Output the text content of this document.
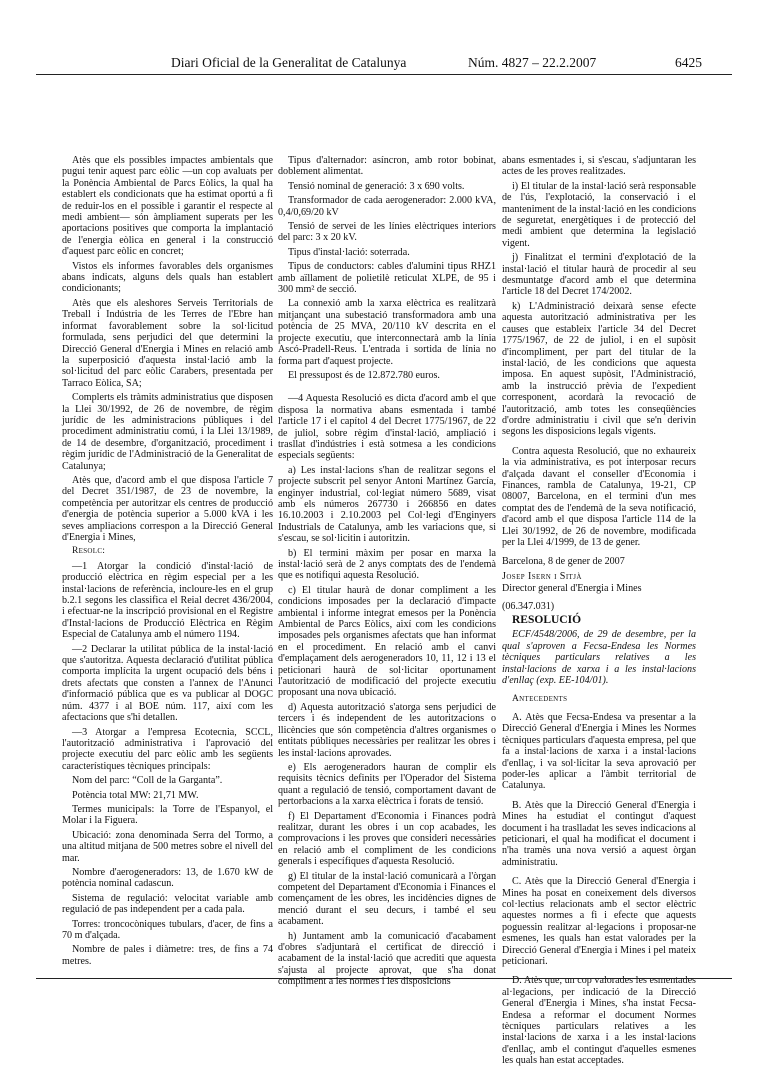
Diari Oficial de la Generalitat de Catalunya	Núm. 4827 – 22.2.2007	6425

Atès que els possibles impactes ambientals que pugui tenir aquest parc eòlic —un cop avaluats per la Ponència Ambiental de Parcs Eòlics, la qual ha establert els condicionats que ha estimat oportú a fi de reduir-los en el possible i garantir el respecte al medi ambient— són àmpliament superats per les aportacions positives que comporta la implantació de l'energia eòlica en general i la construcció d'aquest parc eòlic en concret;

Vistos els informes favorables dels organismes abans indicats, alguns dels quals han establert condicionants;

Atès que els aleshores Serveis Territorials de Treball i Indústria de les Terres de l'Ebre han informat favorablement sobre la sol·licitud formulada, sens perjudici del que determini la Direcció General d'Energia i Mines en relació amb la superposició d'aquesta instal·lació amb la sol·licitud del parc eòlic Carabers, presentada per Tarraco Eòlica, SA;

Complerts els tràmits administratius que disposen la Llei 30/1992, de 26 de novembre, de règim jurídic de les administracions públiques i del procediment administratiu comú, i la Llei 13/1989, de 14 de desembre, d'organització, procediment i règim jurídic de l'Administració de la Generalitat de Catalunya;

Atès que, d'acord amb el que disposa l'article 7 del Decret 351/1987, de 23 de novembre, la competència per autoritzar els centres de producció d'energia de potència superior a 5.000 kVA i les seves ampliacions correspon a la Direcció General d'Energia i Mines,

Resolc:

—1 Atorgar la condició d'instal·lació de producció elèctrica en règim especial per a les instal·lacions de referència, incloure-les en el grup b.2.1 segons les classifica el Reial decret 436/2004, i efectuar-ne la inscripció provisional en el Registre d'Instal·lacions de Producció Elèctrica en Règim Especial de Catalunya amb el número 1194.

—2 Declarar la utilitat pública de la instal·lació que s'autoritza. Aquesta declaració d'utilitat pública comporta implícita la urgent ocupació dels béns i drets afectats que consten a l'annex de l'Anunci d'informació pública que es va publicar al DOGC núm. 4377 i al BOE núm. 117, així com les afectacions que s'hi detallen.

—3 Atorgar a l'empresa Ecotecnia, SCCL, l'autorització administrativa i l'aprovació del projecte executiu del parc eòlic amb les següents característiques tècniques principals:

Nom del parc: “Coll de la Garganta”.

Potència total MW: 21,71 MW.

Termes municipals: la Torre de l'Espanyol, el Molar i la Figuera.

Ubicació: zona denominada Serra del Tormo, a una altitud mitjana de 500 metres sobre el nivell del mar.

Nombre d'aerogeneradors: 13, de 1.670 kW de potència nominal cadascun.

Sistema de regulació: velocitat variable amb regulació de pas independent per a cada pala.

Torres: troncocòniques tubulars, d'acer, de fins a 70 m d'alçada.

Nombre de pales i diàmetre: tres, de fins a 74 metres.

Tipus d'alternador: asíncron, amb rotor bobinat, doblement alimentat.

Tensió nominal de generació: 3 x 690 volts.

Transformador de cada aerogenerador: 2.000 kVA, 0,4/0,69/20 kV

Tensió de servei de les línies elèctriques interiors del parc: 3 x 20 kV.

Tipus d'instal·lació: soterrada.

Tipus de conductors: cables d'alumini tipus RHZ1 amb aïllament de polietilè reticulat XLPE, de 95 i 300 mm² de secció.

La connexió amb la xarxa elèctrica es realitzarà mitjançant una subestació transformadora amb una potència de 25 MVA, 20/110 kV descrita en el projecte executiu, que interconnectarà amb la línia Ascó-Pradell-Reus. L'entrada i sortida de línia no forma part d'aquest projecte.

El pressupost és de 12.872.780 euros.

—4 Aquesta Resolució es dicta d'acord amb el que disposa la normativa abans esmentada i també l'article 17 i el capítol 4 del Decret 1775/1967, de 22 de juliol, sobre règim d'instal·lació, ampliació i trasllat d'indústries i està sotmesa a les condicions especials següents:

a) Les instal·lacions s'han de realitzar segons el projecte subscrit pel senyor Antoni Martínez García, enginyer industrial, col·legiat número 5689, visat amb els números 267730 i 266856 en dates 16.10.2003 i 2.10.2003 pel Col·legi d'Enginyers Industrials de Catalunya, amb les variacions que, si s'escau, se sol·licitin i autoritzin.

b) El termini màxim per posar en marxa la instal·lació serà de 2 anys comptats des de l'endemà que es notifiqui aquesta Resolució.

c) El titular haurà de donar compliment a les condicions imposades per la declaració d'impacte ambiental i informe integrat emesos per la Ponència Ambiental de Parcs Eòlics, així com les condicions imposades pels organismes afectats que han informat en el procediment. En relació amb el canvi d'emplaçament dels aerogeneradors 10, 11, 12 i 13 el peticionari haurà de sol·licitar oportunament l'autorització de modificació del projecte executiu proposant una nova ubicació.

d) Aquesta autorització s'atorga sens perjudici de tercers i és independent de les autoritzacions o llicències que són competència d'altres organismes o entitats públiques necessàries per realitzar les obres i les instal·lacions aprovades.

e) Els aerogeneradors hauran de complir els requisits tècnics definits per l'Operador del Sistema quant a regulació de tensió, comportament davant de pertorbacions a la xarxa elèctrica i forats de tensió.

f) El Departament d'Economia i Finances podrà realitzar, durant les obres i un cop acabades, les comprovacions i les proves que consideri necessàries en relació amb el compliment de les condicions generals i específiques d'aquesta Resolució.

g) El titular de la instal·lació comunicarà a l'òrgan competent del Departament d'Economia i Finances el començament de les obres, les incidències dignes de menció durant el seu decurs, i també el seu acabament.

h) Juntament amb la comunicació d'acabament d'obres s'adjuntarà el certificat de direcció i acabament de la instal·lació que acrediti que aquesta s'ajusta al projecte aprovat, que s'ha donat compliment a les normes i les disposicions

abans esmentades i, si s'escau, s'adjuntaran les actes de les proves realitzades.

i) El titular de la instal·lació serà responsable de l'ús, l'explotació, la conservació i el manteniment de la instal·lació en les condicions de seguretat, energètiques i de protecció del medi ambient que determina la legislació vigent.

j) Finalitzat el termini d'explotació de la instal·lació el titular haurà de procedir al seu desmuntatge d'acord amb el que determina l'article 18 del Decret 174/2002.

k) L'Administració deixarà sense efecte aquesta autorització administrativa per les causes que estableix l'article 34 del Decret 1775/1967, de 22 de juliol, i en el supòsit d'incompliment, per part del titular de la instal·lació, de les condicions que aquesta imposa. En aquest supòsit, l'Administració, amb la instrucció prèvia de l'expedient corresponent, acordarà la revocació de l'autorització, amb totes les conseqüències d'ordre administratiu i civil que se'n derivin segons les disposicions legals vigents.

Contra aquesta Resolució, que no exhaureix la via administrativa, es pot interposar recurs d'alçada davant el conseller d'Economia i Finances, rambla de Catalunya, 19-21, CP 08007, Barcelona, en el termini d'un mes comptat des de l'endemà de la seva notificació, d'acord amb el que disposa l'article 114 de la Llei 30/1992, de 26 de novembre, modificada per la Llei 4/1999, de 13 de gener.

Barcelona, 8 de gener de 2007

Josep Isern i Sitjà

Director general d'Energia i Mines

(06.347.031)

RESOLUCIÓ

ECF/4548/2006, de 29 de desembre, per la qual s'aproven a Fecsa-Endesa les Normes tècniques particulars relatives a les instal·lacions de xarxa i a les instal·lacions d'enllaç (exp. EE-104/01).

Antecedents

A. Atès que Fecsa-Endesa va presentar a la Direcció General d'Energia i Mines les Normes tècniques particulars d'aquesta empresa, pel que fa a instal·lacions de xarxa i a instal·lacions d'enllaç, i va sol·licitar la seva aprovació per poder-les aplicar a l'àmbit territorial de Catalunya.

B. Atès que la Direcció General d'Energia i Mines ha estudiat el contingut d'aquest document i ha traslladat les seves indicacions al peticionari, el qual ha modificat el document i n'ha tramès una nova versió a aquest òrgan administratiu.

C. Atès que la Direcció General d'Energia i Mines ha posat en coneixement dels diversos col·lectius relacionats amb el sector elèctric aquestes normes a fi i efecte que aquests poguessin realitzar al·legacions i proposar-ne esmenes, les quals han estat valorades per la Direcció General d'Energia i Mines i pel mateix peticionari.

D. Atès que, un cop valorades les esmentades al·legacions, per indicació de la Direcció General d'Energia i Mines, s'ha instat Fecsa-Endesa a reformar el document Normes tècniques particulars relatives a les instal·lacions de xarxa i a les instal·lacions d'enllaç, amb el contingut d'aquelles esmenes les quals han estat acceptades.
